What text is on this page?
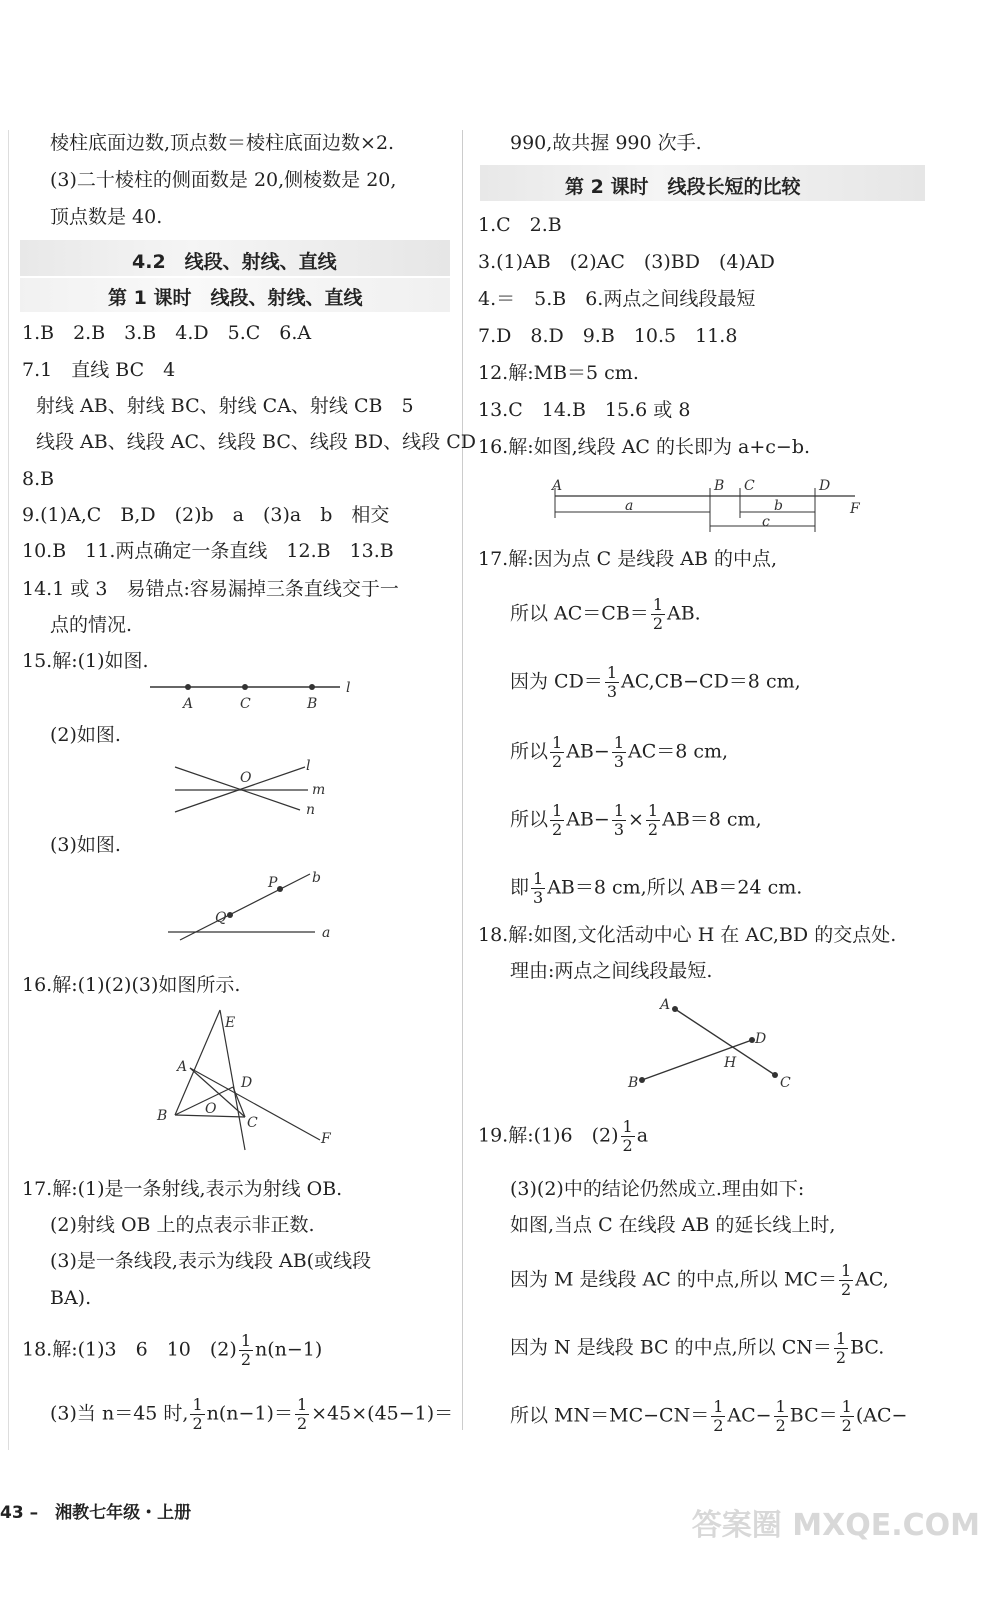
棱柱底面边数,顶点数＝棱柱底面边数×2.
(3)二十棱柱的侧面数是 20,侧棱数是 20,
顶点数是 40.
4.2　线段、射线、直线
第 1 课时　线段、射线、直线
1.B　2.B　3.B　4.D　5.C　6.A
7.1　直线 BC　4
射线 AB、射线 BC、射线 CA、射线 CB　5
线段 AB、线段 AC、线段 BC、线段 BD、线段 CD
8.B
9.(1)A,C　B,D　(2)b　a　(3)a　b　相交
10.B　11.两点确定一条直线　12.B　13.B
14.1 或 3　易错点:容易漏掉三条直线交于一
点的情况.
15.解:(1)如图.
A	C	B
l
(2)如图.
O
l
m
n
(3)如图.
P b
Q
a
16.解:(1)(2)(3)如图所示.
E
A
D
B	O
C
F
17.解:(1)是一条射线,表示为射线 OB.
(2)射线 OB 上的点表示非正数.
(3)是一条线段,表示为线段 AB(或线段
BA).
18.解:(1)3　6　10　$(2) \frac{1}{2} n(n-1)$
(3)当 n＝45 时, $\frac{1}{2} n(n-1)= \frac{1}{2} \times 45\times(45-1)=$
990,故共握 990 次手.
第 2 课时　线段长短的比较
1.C　2.B
3.(1)AB　(2)AC　(3)BD　(4)AD
4.＝　5.B　6.两点之间线段最短
7.D　8.D　9.B　10.5　11.8
12.解:MB＝5 cm.
13.C　14.B　15.6 或 8
16.解:如图,线段 AC 的长即为 a+c−b.
A	B C	D
a	b
c
F
17.解:因为点 C 是线段 AB 的中点,
所以 $AC=CB= \frac{1}{2}$ AB.
因为 $CD= \frac{1}{3} AC,CB-CD=8$ cm,
所以 $\frac{1}{2} AB- \frac{1}{3} AC=8$ cm,
所以 $\frac{1}{2} AB- \frac{1}{3} \times \frac{1}{2} AB=8$ cm,
即 $\frac{1}{3} AB=8$ cm,所以 AB＝24 cm.
18.解:如图,文化活动中心 H 在 AC,BD 的交点处.
理由:两点之间线段最短.
A
D
H
B	C
19.解:(1)6　$(2) \frac{1}{2}$ a
(3)(2)中的结论仍然成立.理由如下:
如图,当点 C 在线段 AB 的延长线上时,
因为 M 是线段 AC 的中点,所以 $MC= \frac{1}{2}$ AC,
因为 N 是线段 BC 的中点,所以 $CN= \frac{1}{2}$ BC.
所以 $MN=MC-CN= \frac{1}{2} AC- \frac{1}{2} BC= \frac{1}{2} (AC-$
43 –　湘教七年级・上册	答案圈 MXQE.COM
